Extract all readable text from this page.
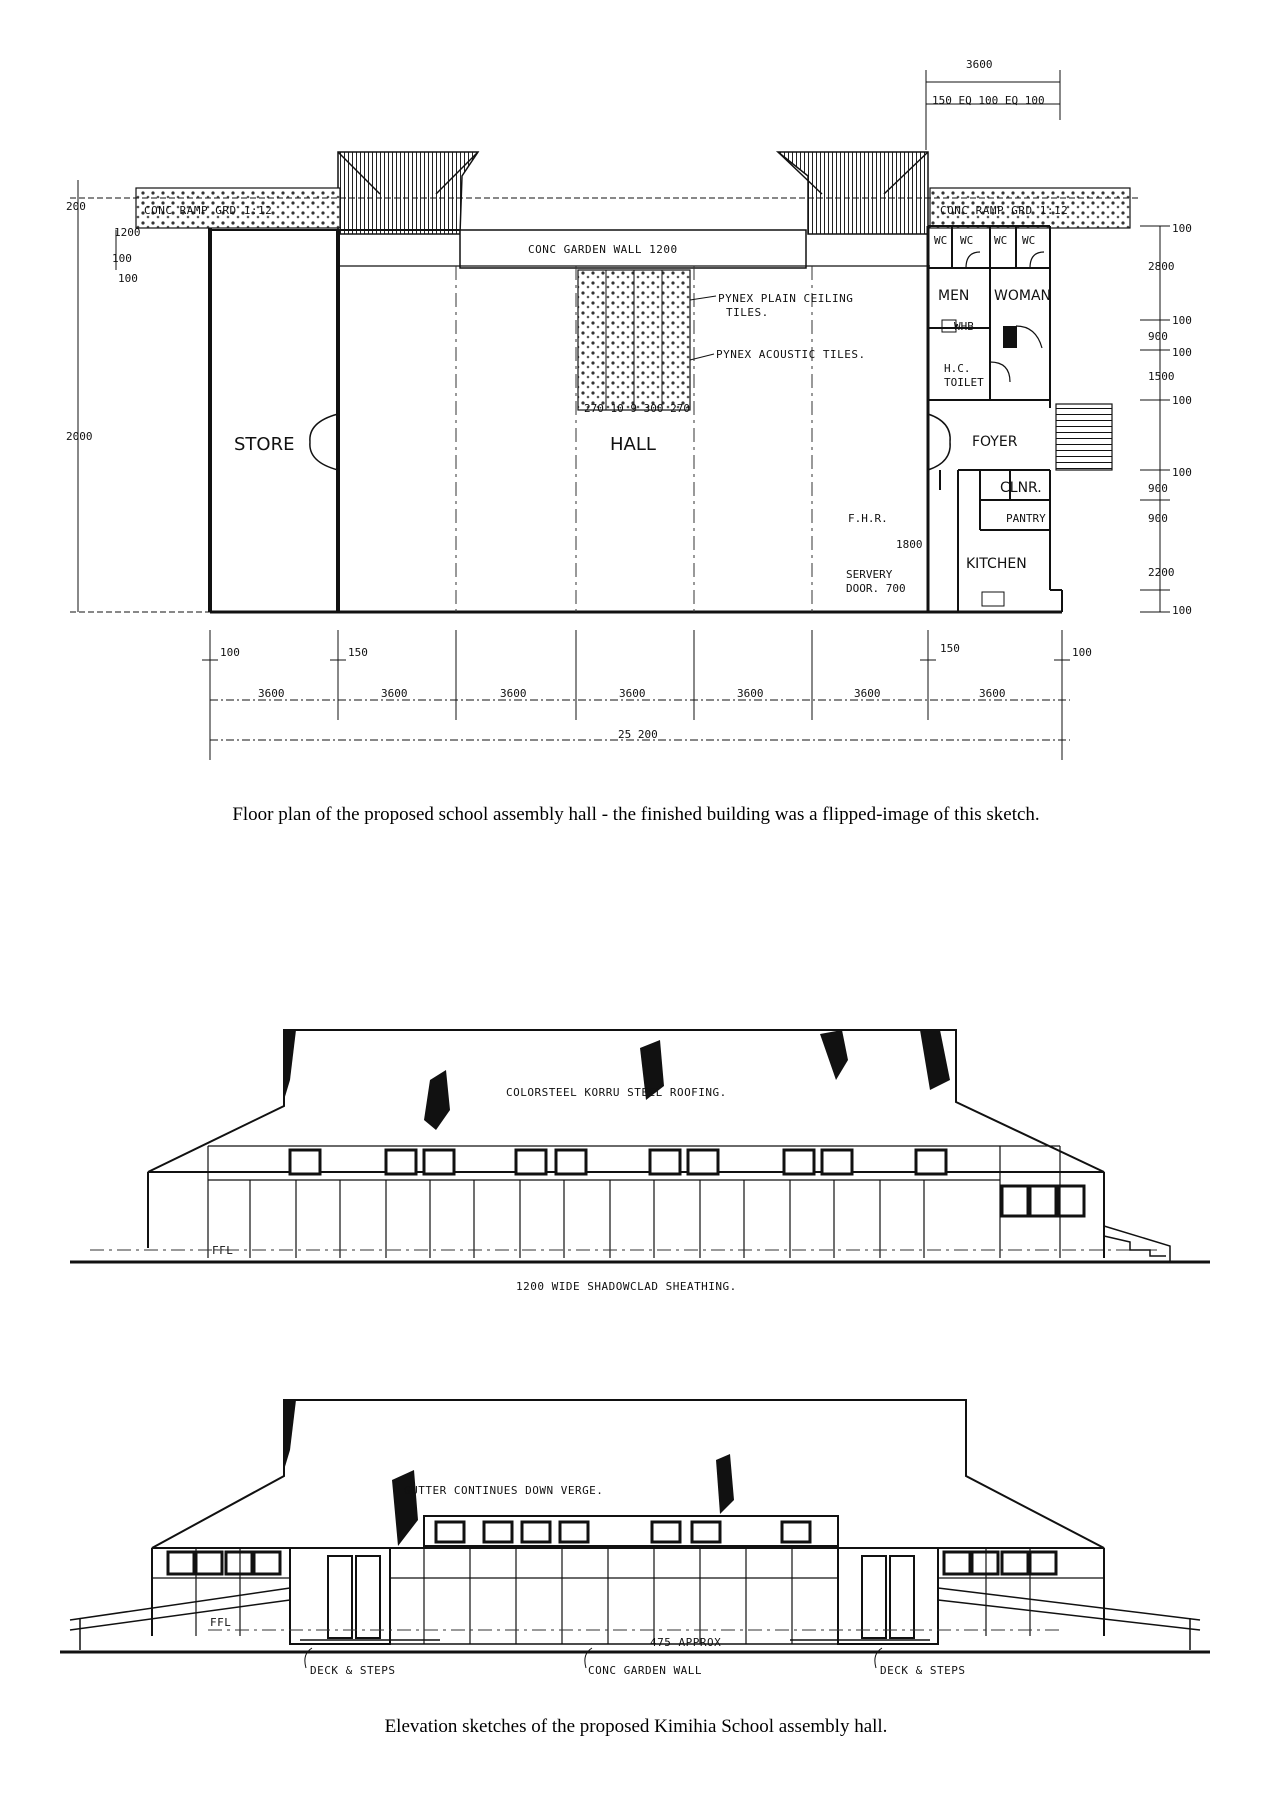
STORE	HALL
MEN WOMAN
FOYER
KITCHEN
CLNR.
PANTRY
H.C.
TOILET
WC WC WC WC
WHB
CONC RAMP GRD 1:12	CONC RAMP GRD 1:12
CONC GARDEN WALL 1200
PYNEX PLAIN CEILING
TILES.
PYNEX ACOUSTIC TILES.
270 10 9 300 270
F.H.R.
SERVERY
DOOR. 700
3600
150 EQ 100 EQ 100
200
1200
100
100
2000
100
2800
100
900
100
1500
100
100
900
900
2200
100
1800
100	150	150	100
3600	3600	3600	3600	3600	3600	3600
25 200
Floor plan of the proposed school assembly hall - the finished building was a flipped-image of this sketch.
FFL
COLORSTEEL KORRU STEEL ROOFING.
1200 WIDE SHADOWCLAD SHEATHING.
FFL
GUTTER CONTINUES DOWN VERGE.
475 APPROX
DECK & STEPS	CONC GARDEN WALL	DECK & STEPS
Elevation sketches of the proposed Kimihia School assembly hall.
